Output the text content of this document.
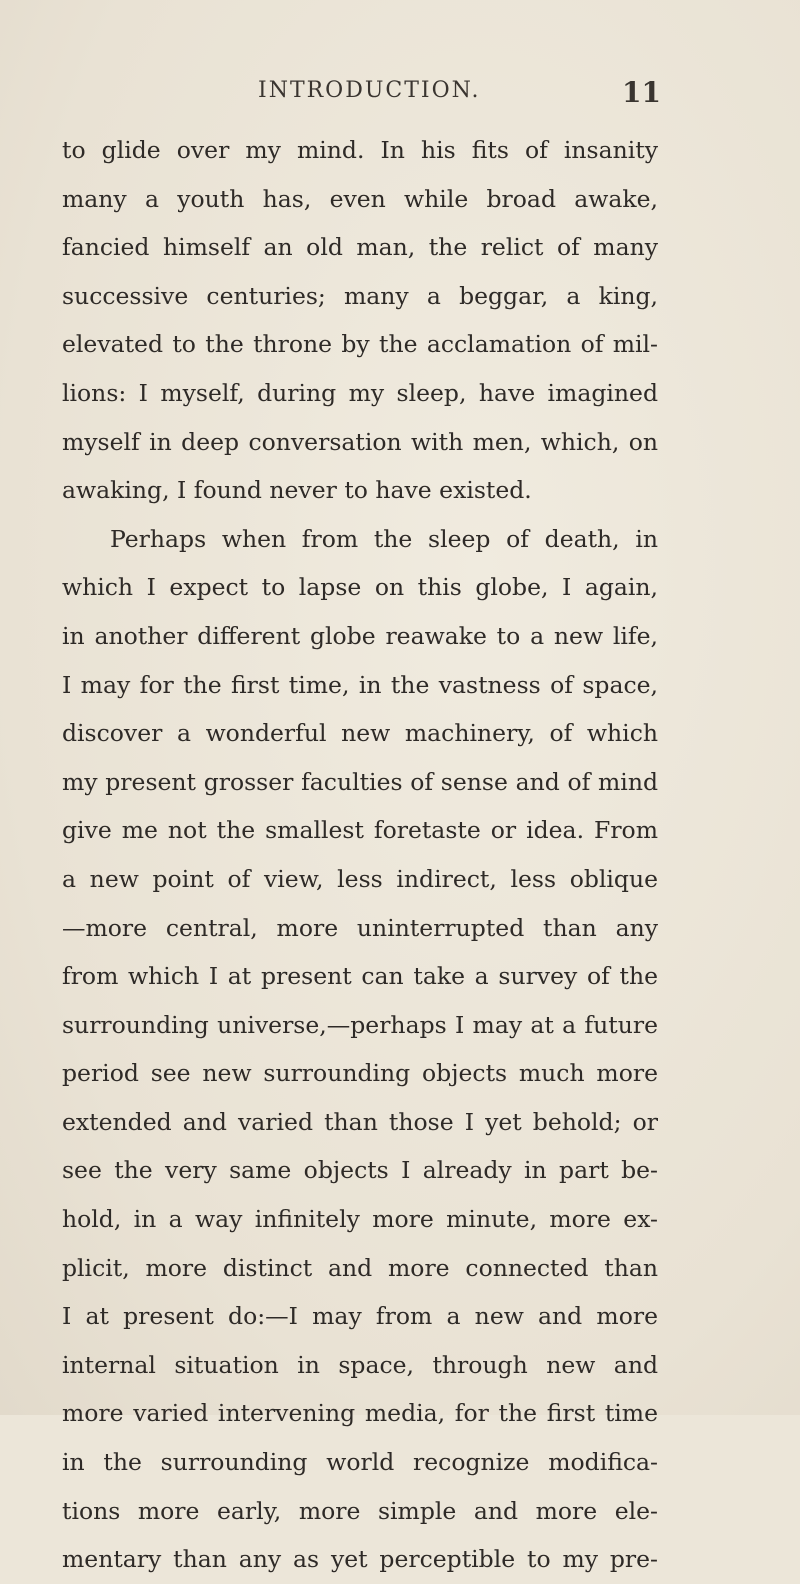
INTRODUCTION.	11
to glide over my mind. In his fits of insanity
many a youth has, even while broad awake,
fancied himself an old man, the relict of many
successive centuries; many a beggar, a king,
elevated to the throne by the acclamation of mil-
lions: I myself, during my sleep, have imagined
myself in deep conversation with men, which, on
awaking, I found never to have existed.
Perhaps when from the sleep of death, in
which I expect to lapse on this globe, I again,
in another different globe reawake to a new life,
I may for the first time, in the vastness of space,
discover a wonderful new machinery, of which
my present grosser faculties of sense and of mind
give me not the smallest foretaste or idea. From
a new point of view, less indirect, less oblique
—more central, more uninterrupted than any
from which I at present can take a survey of the
surrounding universe,—perhaps I may at a future
period see new surrounding objects much more
extended and varied than those I yet behold; or
see the very same objects I already in part be-
hold, in a way infinitely more minute, more ex-
plicit, more distinct and more connected than
I at present do:—I may from a new and more
internal situation in space, through new and
more varied intervening media, for the first time
in the surrounding world recognize modifica-
tions more early, more simple and more ele-
mentary than any as yet perceptible to my pre-
